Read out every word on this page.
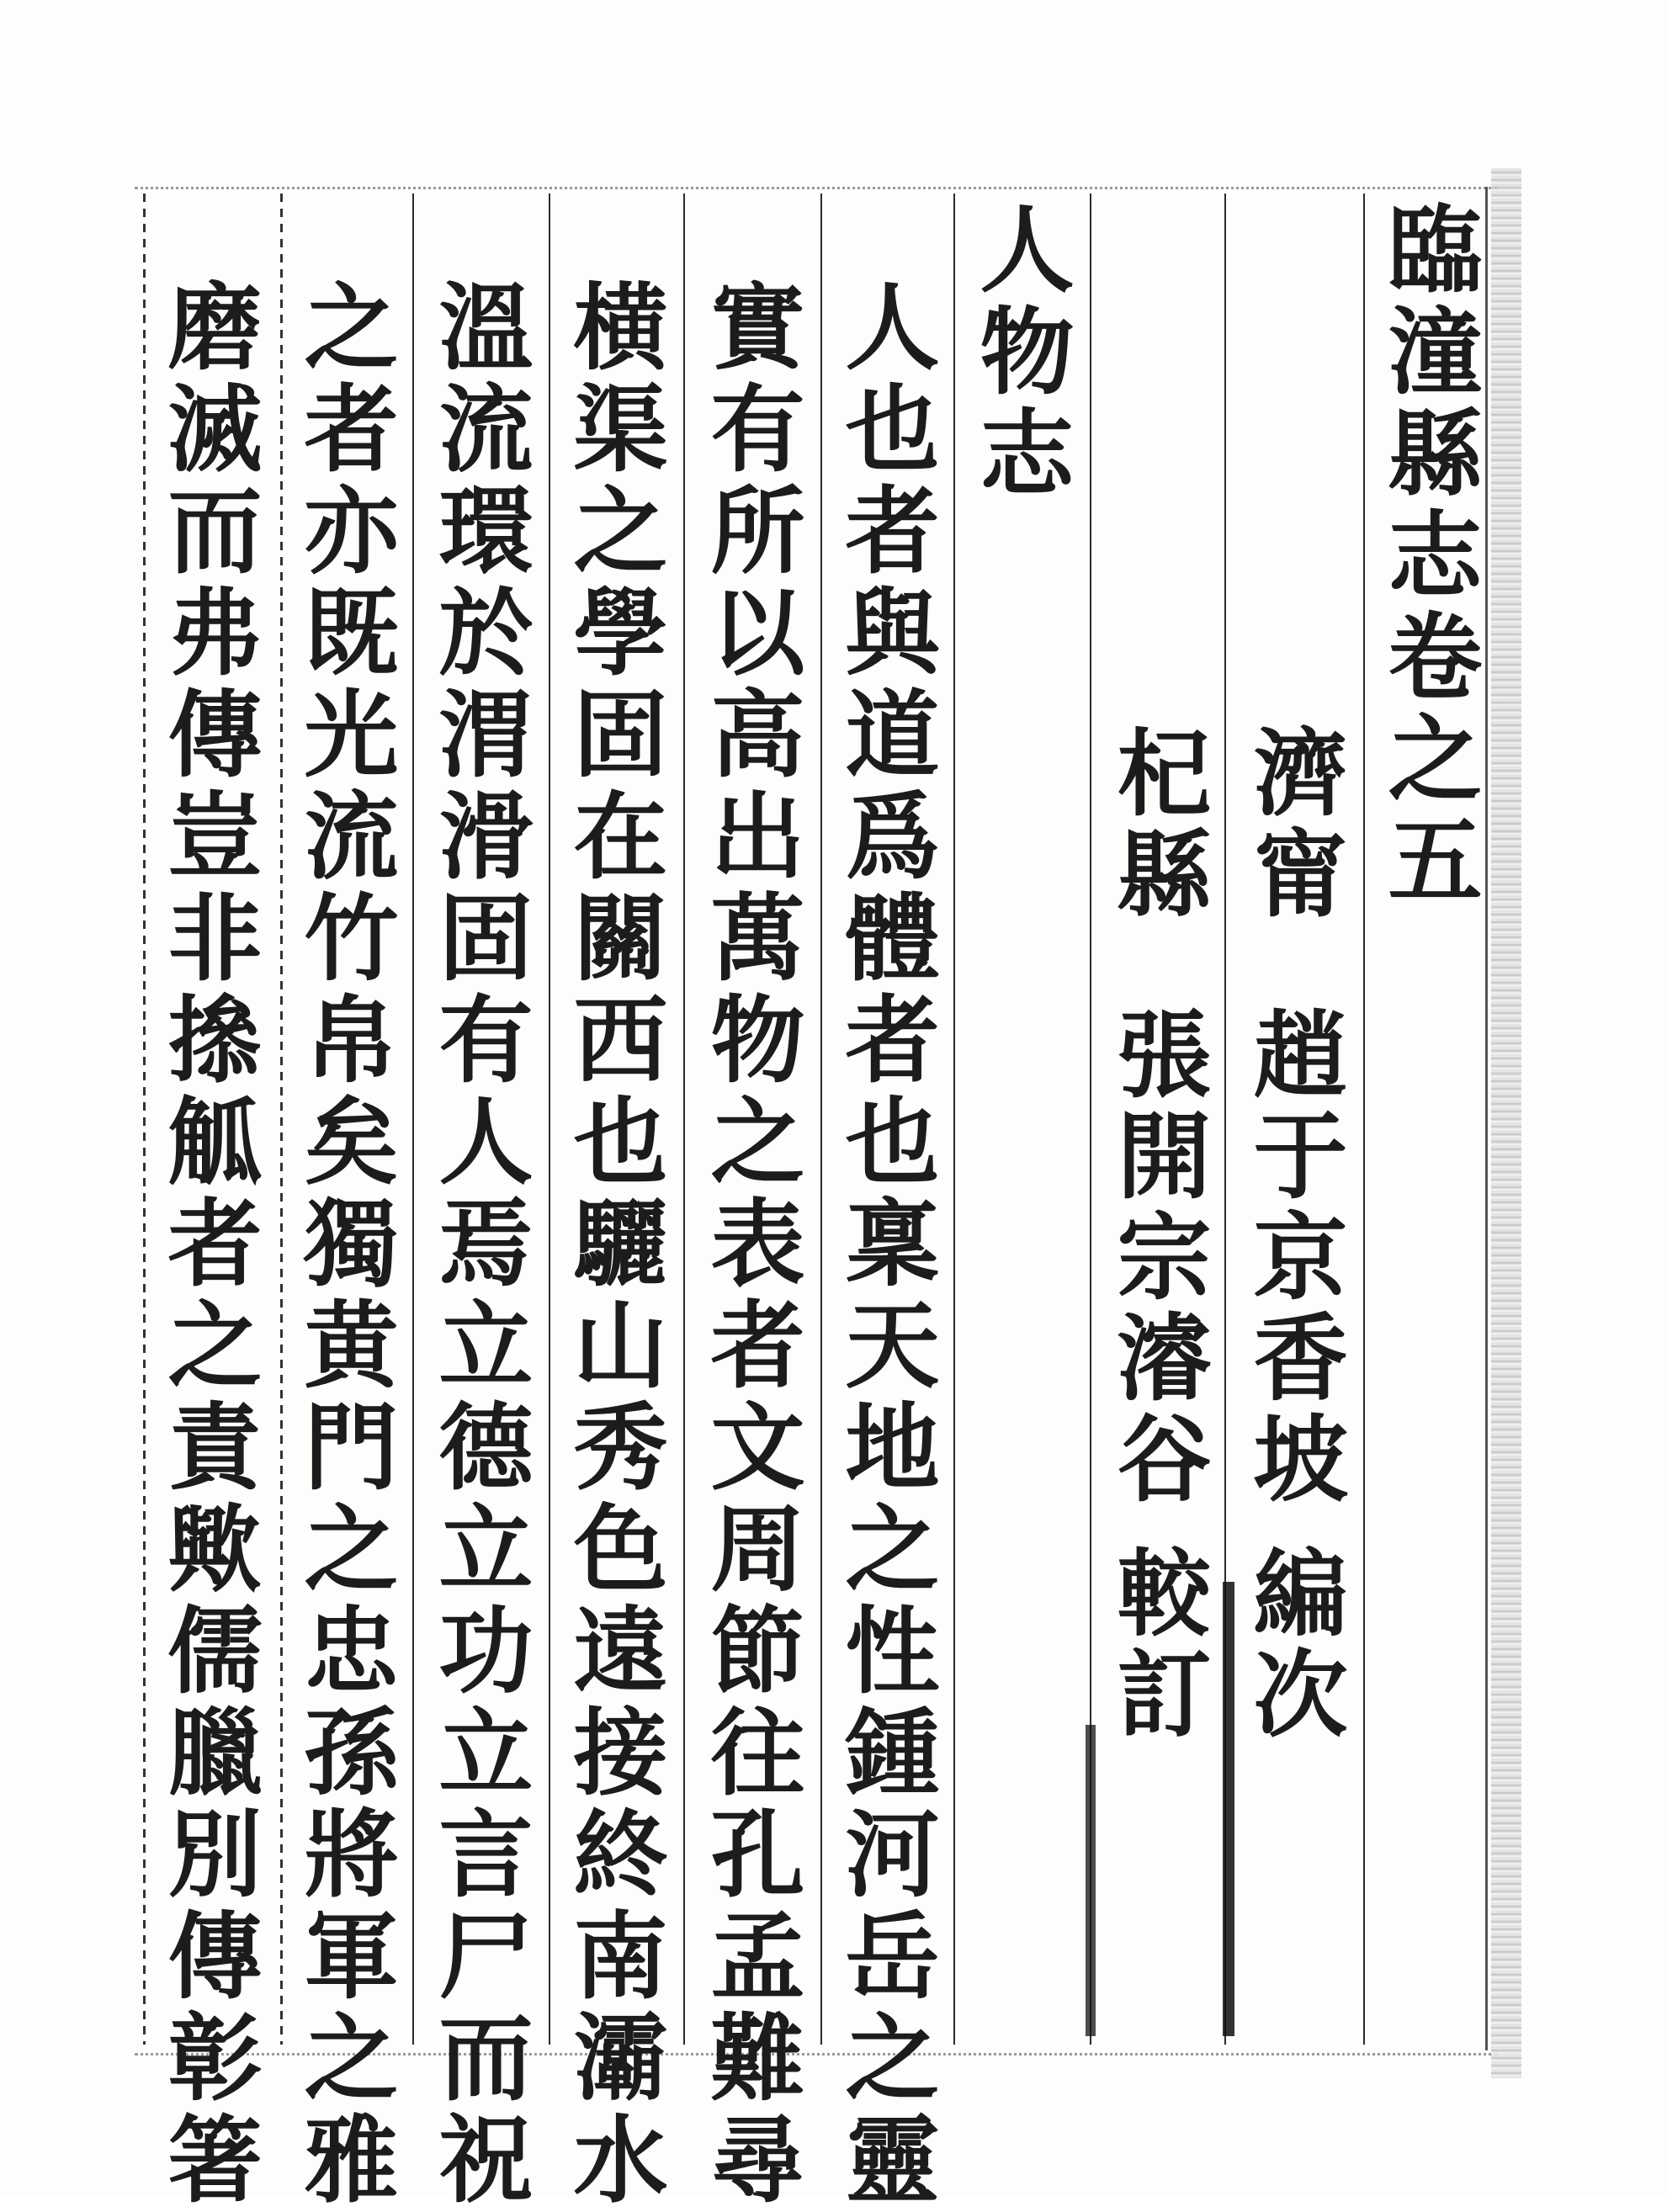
臨潼縣志卷之五
濟甯趙于京香坡編次
杞縣張開宗濬谷較訂
人物志
人也者與道爲體者也稟天地之性鍾河岳之靈
實有所以高出萬物之表者文周節往孔孟難尋
横渠之學固在關西也驪山秀色遠接終南灞水
溫流環於渭滑固有人焉立德立功立言尸而祝
之者亦既光流竹帛矣獨黄門之忠孫將軍之雅
磨滅而弗傳豈非撡觚者之責歟儒臘別傳彰箸
